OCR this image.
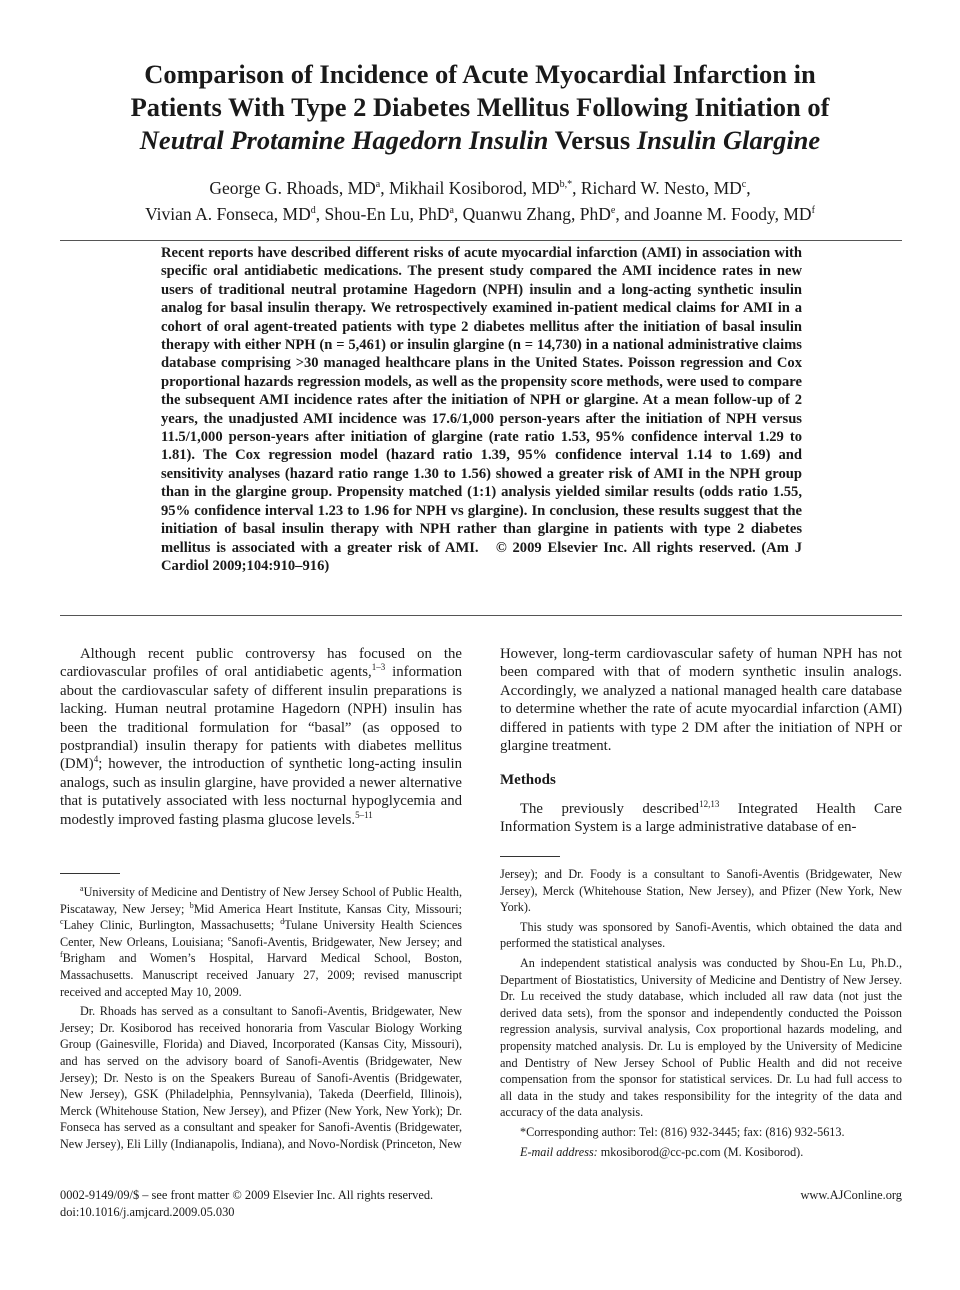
Comparison of Incidence of Acute Myocardial Infarction in
Patients With Type 2 Diabetes Mellitus Following Initiation of
Neutral Protamine Hagedorn Insulin Versus Insulin Glargine
George G. Rhoads, $MD^a$, Mikhail Kosiborod, $MD^{b,*}$, Richard W. Nesto, $MD^c$,
Vivian A. Fonseca, $MD^d$, Shou-En Lu, PhD$^a$, Quanwu Zhang, PhD$^e$, and Joanne M. Foody, $MD^f$

Recent reports have described different risks of acute myocardial infarction (AMI) in association with specific oral antidiabetic medications. The present study compared the AMI incidence rates in new users of traditional neutral protamine Hagedorn (NPH) insulin and a long-acting synthetic insulin analog for basal insulin therapy. We retrospectively examined in-patient medical claims for AMI in a cohort of oral agent-treated patients with type 2 diabetes mellitus after the initiation of basal insulin therapy with either NPH (n = 5,461) or insulin glargine (n = 14,730) in a national administrative claims database comprising >30 managed healthcare plans in the United States. Poisson regression and Cox proportional hazards regression models, as well as the propensity score methods, were used to compare the subsequent AMI incidence rates after the initiation of NPH or glargine. At a mean follow-up of 2 years, the unadjusted AMI incidence was 17.6/1,000 person-years after the initiation of NPH versus 11.5/1,000 person-years after initiation of glargine (rate ratio 1.53, 95% confidence interval 1.29 to 1.81). The Cox regression model (hazard ratio 1.39, 95% confidence interval 1.14 to 1.69) and sensitivity analyses (hazard ratio range 1.30 to 1.56) showed a greater risk of AMI in the NPH group than in the glargine group. Propensity matched (1:1) analysis yielded similar results (odds ratio 1.55, 95% confidence interval 1.23 to 1.96 for NPH vs glargine). In conclusion, these results suggest that the initiation of basal insulin therapy with NPH rather than glargine in patients with type 2 diabetes mellitus is associated with a greater risk of AMI.   © 2009 Elsevier Inc. All rights reserved. (Am J Cardiol 2009;104:910–916)

Although recent public controversy has focused on the cardiovascular profiles of oral antidiabetic agents,$^{1-3}$ information about the cardiovascular safety of different insulin preparations is lacking. Human neutral protamine Hagedorn (NPH) insulin has been the traditional formulation for “basal” (as opposed to postprandial) insulin therapy for patients with diabetes mellitus (DM)$^4$; however, the introduction of synthetic long-acting insulin analogs, such as insulin glargine, have provided a newer alternative that is putatively associated with less nocturnal hypoglycemia and modestly improved fasting plasma glucose levels.$^{5-11}$

However, long-term cardiovascular safety of human NPH has not been compared with that of modern synthetic insulin analogs. Accordingly, we analyzed a national managed health care database to determine whether the rate of acute myocardial infarction (AMI) differed in patients with type 2 DM after the initiation of NPH or glargine treatment.

Methods

The previously described$^{12,13}$ Integrated Health Care Information System is a large administrative database of en-

$^a$University of Medicine and Dentistry of New Jersey School of Public Health, Piscataway, New Jersey; $^b$Mid America Heart Institute, Kansas City, Missouri; $^c$Lahey Clinic, Burlington, Massachusetts; $^d$Tulane University Health Sciences Center, New Orleans, Louisiana; $^e$Sanofi-Aventis, Bridgewater, New Jersey; and $^f$Brigham and Women’s Hospital, Harvard Medical School, Boston, Massachusetts. Manuscript received January 27, 2009; revised manuscript received and accepted May 10, 2009.

Dr. Rhoads has served as a consultant to Sanofi-Aventis, Bridgewater, New Jersey; Dr. Kosiborod has received honoraria from Vascular Biology Working Group (Gainesville, Florida) and Diaved, Incorporated (Kansas City, Missouri), and has served on the advisory board of Sanofi-Aventis (Bridgewater, New Jersey); Dr. Nesto is on the Speakers Bureau of Sanofi-Aventis (Bridgewater, New Jersey), GSK (Philadelphia, Pennsylvania), Takeda (Deerfield, Illinois), Merck (Whitehouse Station, New Jersey), and Pfizer (New York, New York); Dr. Fonseca has served as a consultant and speaker for Sanofi-Aventis (Bridgewater, New Jersey), Eli Lilly (Indianapolis, Indiana), and Novo-Nordisk (Princeton, New

Jersey); and Dr. Foody is a consultant to Sanofi-Aventis (Bridgewater, New Jersey), Merck (Whitehouse Station, New Jersey), and Pfizer (New York, New York).

This study was sponsored by Sanofi-Aventis, which obtained the data and performed the statistical analyses.

An independent statistical analysis was conducted by Shou-En Lu, Ph.D., Department of Biostatistics, University of Medicine and Dentistry of New Jersey. Dr. Lu received the study database, which included all raw data (not just the derived data sets), from the sponsor and independently conducted the Poisson regression analysis, survival analysis, Cox proportional hazards modeling, and propensity matched analysis. Dr. Lu is employed by the University of Medicine and Dentistry of New Jersey School of Public Health and did not receive compensation from the sponsor for statistical services. Dr. Lu had full access to all data in the study and takes responsibility for the integrity of the data and accuracy of the data analysis.

*Corresponding author: Tel: (816) 932-3445; fax: (816) 932-5613.

E-mail address: mkosiborod@cc-pc.com (M. Kosiborod).

0002-9149/09/$ – see front matter © 2009 Elsevier Inc. All rights reserved.
doi:10.1016/j.amjcard.2009.05.030
www.AJConline.org
